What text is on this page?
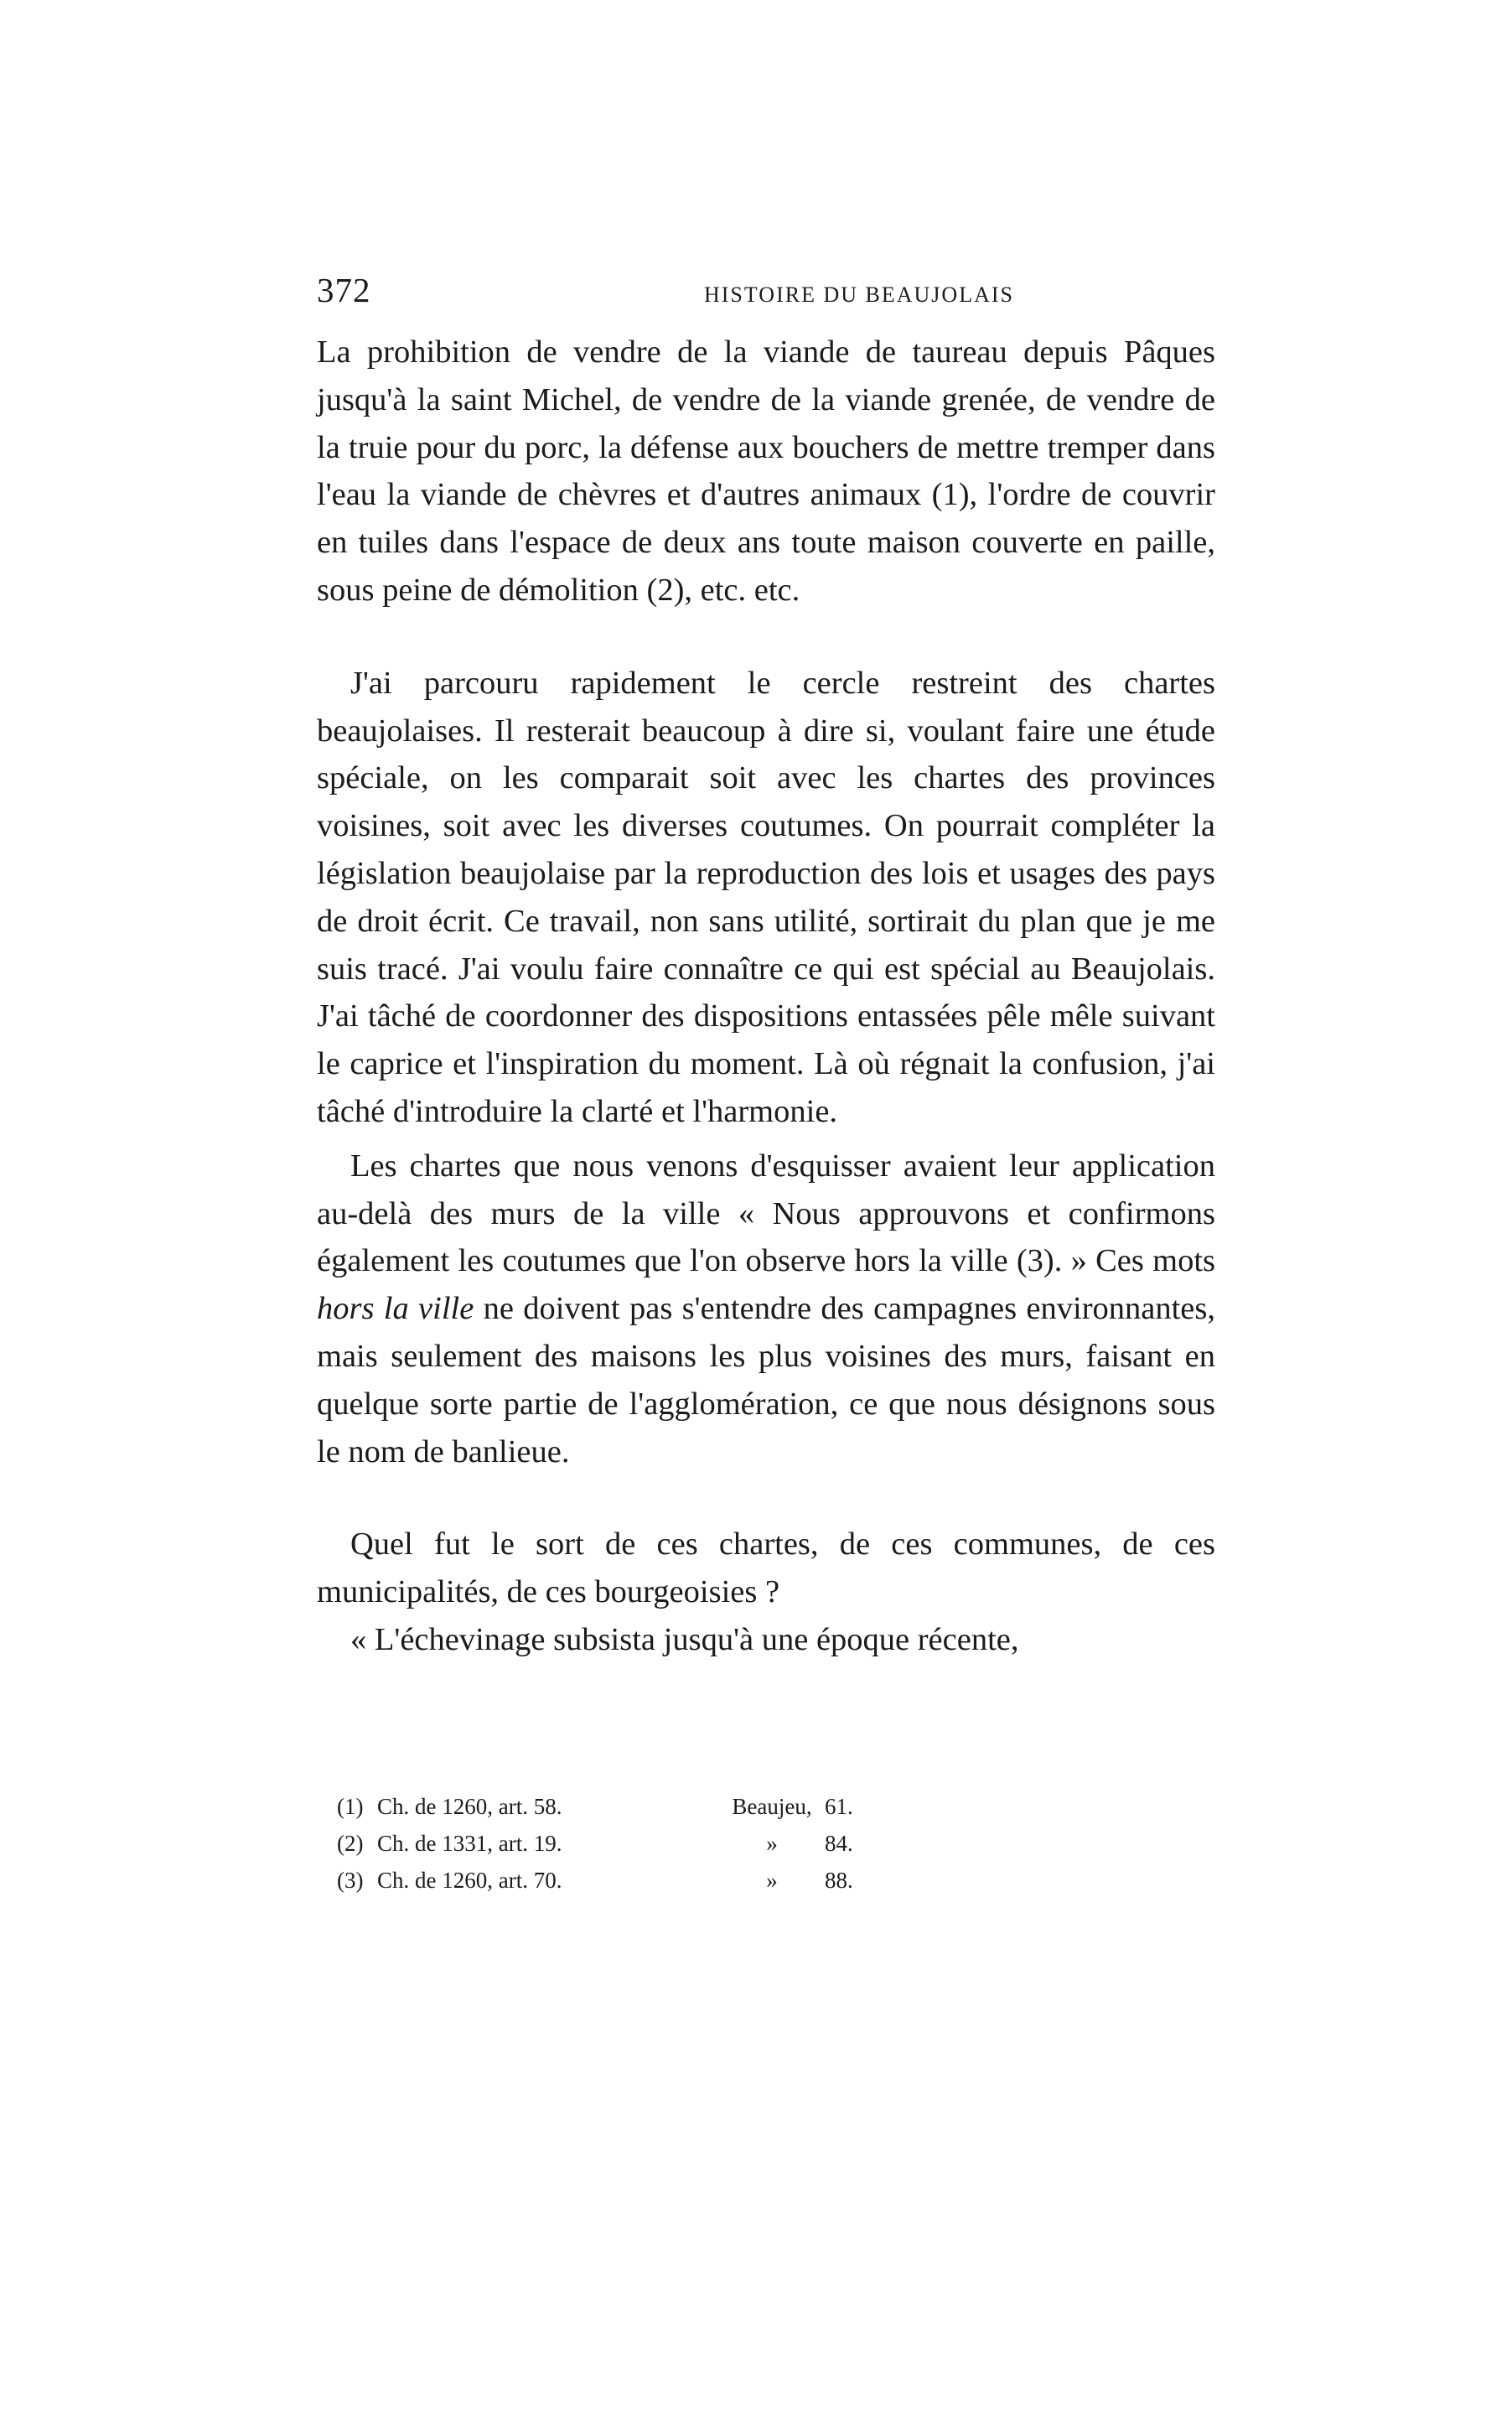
372	HISTOIRE DU BEAUJOLAIS

La prohibition de vendre de la viande de taureau depuis Pâques jusqu'à la saint Michel, de vendre de la viande grenée, de vendre de la truie pour du porc, la défense aux bouchers de mettre tremper dans l'eau la viande de chèvres et d'autres animaux (1), l'ordre de couvrir en tuiles dans l'espace de deux ans toute maison couverte en paille, sous peine de démolition (2), etc. etc.

J'ai parcouru rapidement le cercle restreint des chartes beaujolaises. Il resterait beaucoup à dire si, voulant faire une étude spéciale, on les comparait soit avec les chartes des provinces voisines, soit avec les diverses coutumes. On pourrait compléter la législation beaujolaise par la reproduction des lois et usages des pays de droit écrit. Ce travail, non sans utilité, sortirait du plan que je me suis tracé. J'ai voulu faire connaître ce qui est spécial au Beaujolais. J'ai tâché de coordonner des dispositions entassées pêle mêle suivant le caprice et l'inspiration du moment. Là où régnait la confusion, j'ai tâché d'introduire la clarté et l'harmonie.

Les chartes que nous venons d'esquisser avaient leur application au-delà des murs de la ville « Nous approuvons et confirmons également les coutumes que l'on observe hors la ville (3). » Ces mots hors la ville ne doivent pas s'entendre des campagnes environnantes, mais seulement des maisons les plus voisines des murs, faisant en quelque sorte partie de l'agglomération, ce que nous désignons sous le nom de banlieue.

Quel fut le sort de ces chartes, de ces communes, de ces municipalités, de ces bourgeoisies ?

« L'échevinage subsista jusqu'à une époque récente,

(1) Ch. de 1260, art. 58.	Beaujeu, 61.
(2) Ch. de 1331, art. 19.	»	84.
(3) Ch. de 1260, art. 70.	»	88.
